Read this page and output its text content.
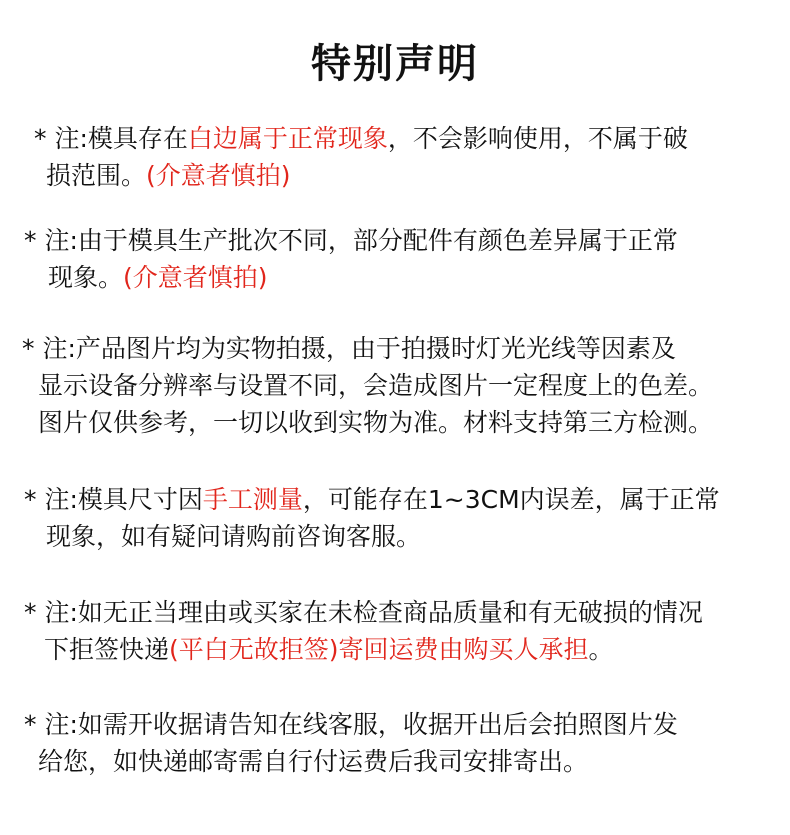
特别声明
* 注:模具存在白边属于正常现象，不会影响使用，不属于破
损范围。(介意者慎拍)
* 注:由于模具生产批次不同，部分配件有颜色差异属于正常
现象。(介意者慎拍)
* 注:产品图片均为实物拍摄，由于拍摄时灯光光线等因素及
显示设备分辨率与设置不同，会造成图片一定程度上的色差。
图片仅供参考，一切以收到实物为准。材料支持第三方检测。
* 注:模具尺寸因手工测量，可能存在1~3CM内误差，属于正常
现象，如有疑问请购前咨询客服。
* 注:如无正当理由或买家在未检查商品质量和有无破损的情况
下拒签快递(平白无故拒签)寄回运费由购买人承担。
* 注:如需开收据请告知在线客服，收据开出后会拍照图片发
给您，如快递邮寄需自行付运费后我司安排寄出。
